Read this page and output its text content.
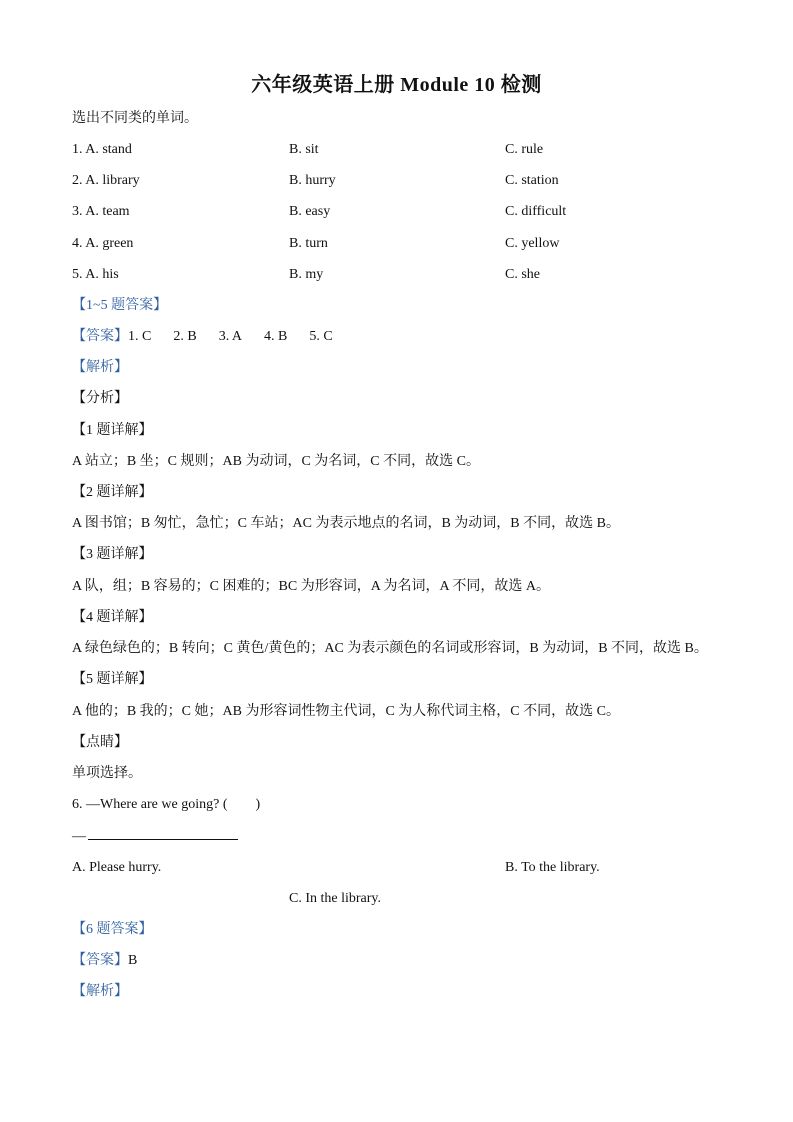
六年级英语上册 Module 10 检测
选出不同类的单词。
1. A. stand	B. sit	C. rule
2. A. library	B. hurry	C. station
3. A. team	B. easy	C. difficult
4. A. green	B. turn	C. yellow
5. A. his	B. my	C. she
【1~5 题答案】
【答案】1. C 2. B 3. A 4. B 5. C
【解析】
【分析】
【1 题详解】
A 站立；B 坐；C 规则；AB 为动词，C 为名词，C 不同，故选 C。
【2 题详解】
A 图书馆；B 匆忙，急忙；C 车站；AC 为表示地点的名词，B 为动词，B 不同，故选 B。
【3 题详解】
A 队，组；B 容易的；C 困难的；BC 为形容词，A 为名词，A 不同，故选 A。
【4 题详解】
A 绿色绿色的；B 转向；C 黄色/黄色的；AC 为表示颜色的名词或形容词，B 为动词，B 不同，故选 B。
【5 题详解】
A 他的；B 我的；C 她；AB 为形容词性物主代词，C 为人称代词主格，C 不同，故选 C。
【点睛】
单项选择。
6. —Where are we going? (　　)
—
A. Please hurry.	B. To the library.
C. In the library.
【6 题答案】
【答案】B
【解析】
